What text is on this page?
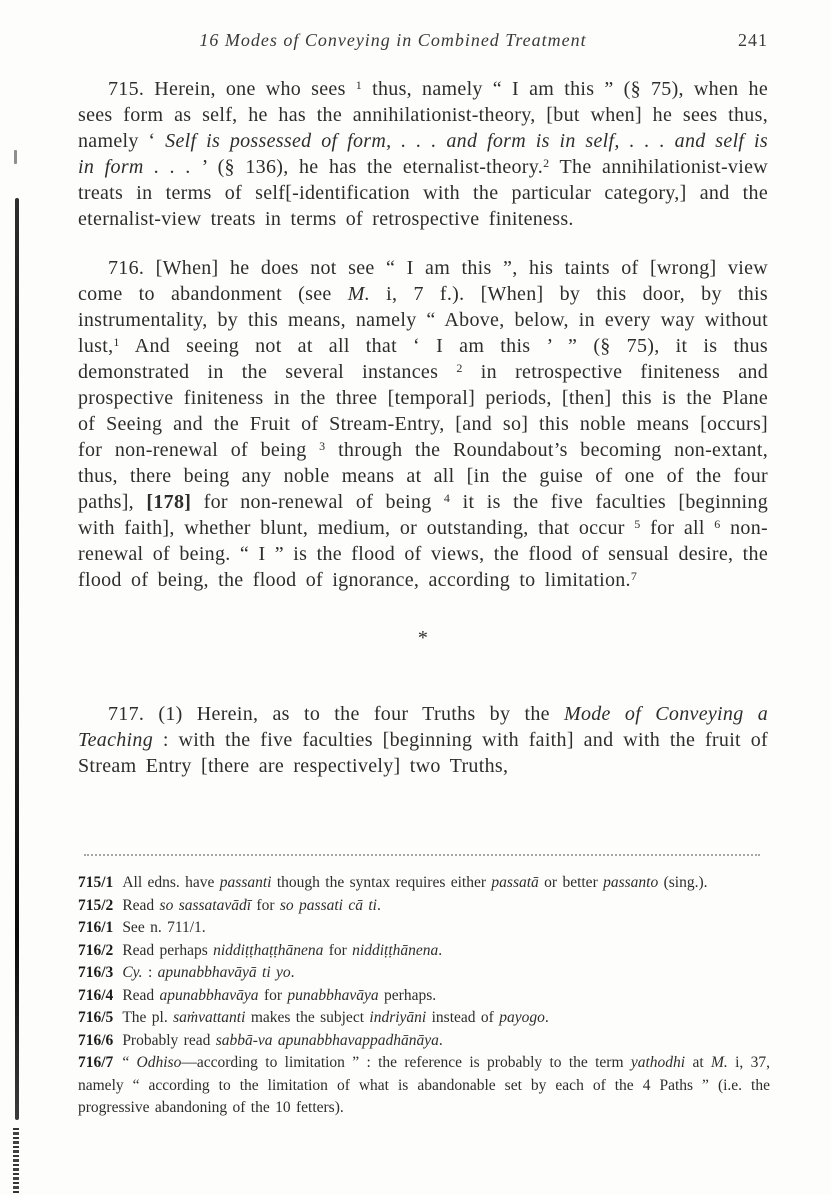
16 Modes of Conveying in Combined Treatment	241

715. Herein, one who sees $^1$ thus, namely “ I am this ” (§ 75), when he sees form as self, he has the annihilationist-theory, [but when] he sees thus, namely ‘ Self is possessed of form, . . . and form is in self, . . . and self is in form . . . ’ (§ 136), he has the eternalist-theory.$^2$ The annihilationist-view treats in terms of self[-identification with the particular category,] and the eternalist-view treats in terms of retrospective finiteness.

716. [When] he does not see “ I am this ”, his taints of [wrong] view come to abandonment (see M. i, 7 f.). [When] by this door, by this instrumentality, by this means, namely “ Above, below, in every way without lust,$^1$ And seeing not at all that ‘ I am this ’ ” (§ 75), it is thus demonstrated in the several instances $^2$ in retrospective finiteness and prospective finiteness in the three [temporal] periods, [then] this is the Plane of Seeing and the Fruit of Stream-Entry, [and so] this noble means [occurs] for non-renewal of being $^3$ through the Roundabout’s becoming non-extant, thus, there being any noble means at all [in the guise of one of the four paths], [178] for non-renewal of being $^4$ it is the five faculties [beginning with faith], whether blunt, medium, or outstanding, that occur $^5$ for all $^6$ non-renewal of being. “ I ” is the flood of views, the flood of sensual desire, the flood of being, the flood of ignorance, according to limitation.$^7$

*

717. (1) Herein, as to the four Truths by the Mode of Conveying a Teaching : with the five faculties [beginning with faith] and with the fruit of Stream Entry [there are respectively] two Truths,

715/1 All edns. have passanti though the syntax requires either passatā or better passanto (sing.).

715/2 Read so sassatavādī for so passati cā ti.

716/1 See n. 711/1.

716/2 Read perhaps niddiṭṭhaṭṭhānena for niddiṭṭhānena.

716/3 Cy. : apunabbhavāyā ti yo.

716/4 Read apunabbhavāya for punabbhavāya perhaps.

716/5 The pl. saṁvattanti makes the subject indriyāni instead of payogo.

716/6 Probably read sabbā-va apunabbhavappadhānāya.

716/7 “ Odhiso—according to limitation ” : the reference is probably to the term yathodhi at M. i, 37, namely “ according to the limitation of what is abandonable set by each of the 4 Paths ” (i.e. the progressive abandoning of the 10 fetters).
